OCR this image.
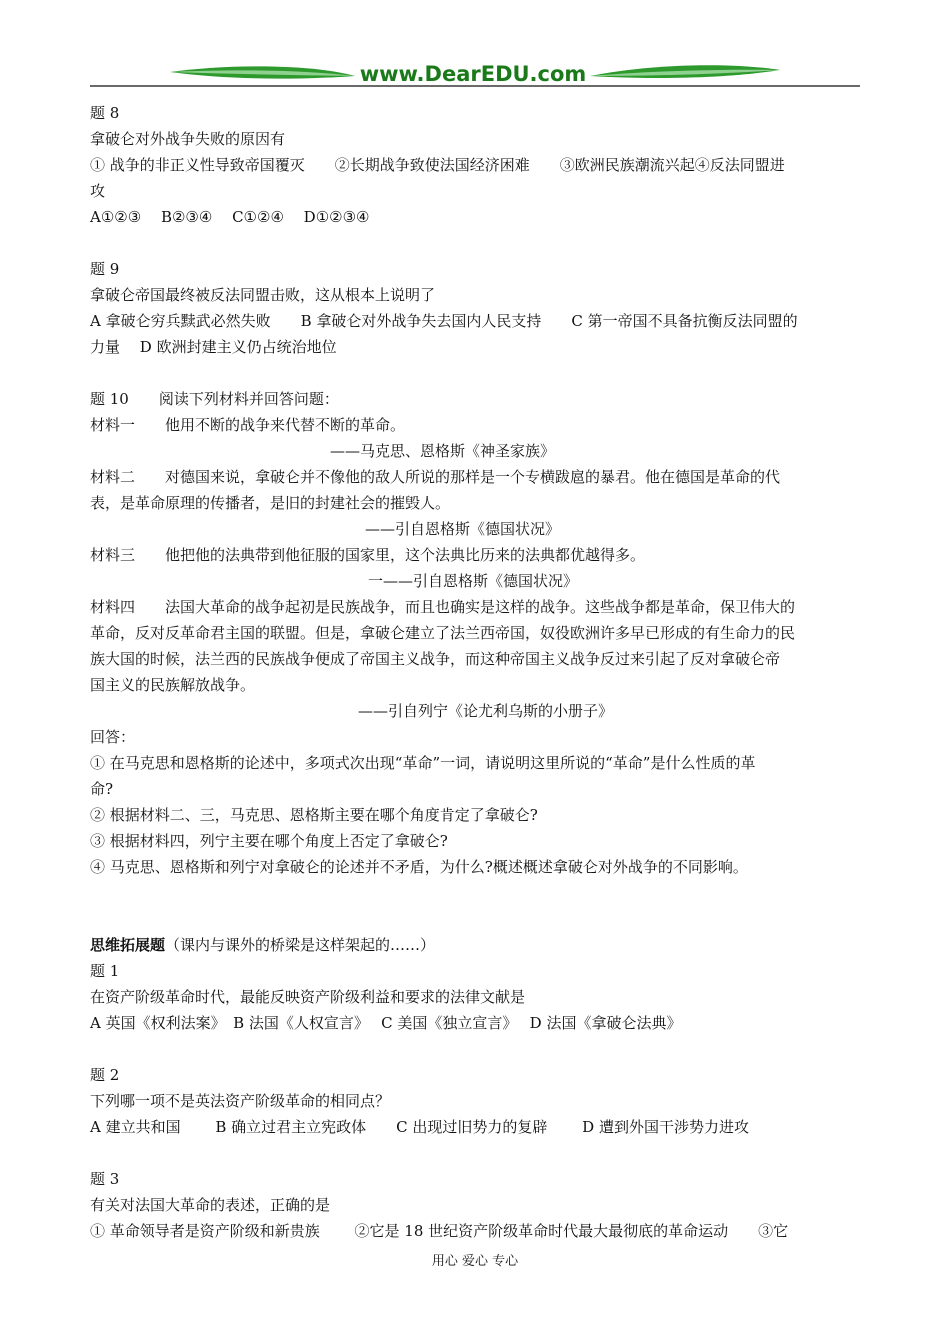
www.DearEDU.com
题 8
拿破仑对外战争失败的原因有
① 战争的非正义性导致帝国覆灭　　②长期战争致使法国经济困难　　③欧洲民族潮流兴起④反法同盟进
攻
A①②③　 B②③④　 C①②④　 D①②③④
题 9
拿破仑帝国最终被反法同盟击败，这从根本上说明了
A 拿破仑穷兵黩武必然失败　　B 拿破仑对外战争失去国内人民支持　　C 第一帝国不具备抗衡反法同盟的
力量　 D 欧洲封建主义仍占统治地位
题 10　　阅读下列材料并回答问题：
材料一　　他用不断的战争来代替不断的革命。
——马克思、恩格斯《神圣家族》
材料二　　对德国来说，拿破仑并不像他的敌人所说的那样是一个专横跋扈的暴君。他在德国是革命的代
表，是革命原理的传播者，是旧的封建社会的摧毁人。
——引自恩格斯《德国状况》
材料三　　他把他的法典带到他征服的国家里，这个法典比历来的法典都优越得多。
一——引自恩格斯《德国状况》
材料四　　法国大革命的战争起初是民族战争，而且也确实是这样的战争。这些战争都是革命，保卫伟大的
革命，反对反革命君主国的联盟。但是，拿破仑建立了法兰西帝国，奴役欧洲许多早已形成的有生命力的民
族大国的时候，法兰西的民族战争便成了帝国主义战争，而这种帝国主义战争反过来引起了反对拿破仑帝
国主义的民族解放战争。
——引自列宁《论尤利乌斯的小册子》
回答：
① 在马克思和恩格斯的论述中，多项式次出现“革命”一词，请说明这里所说的“革命”是什么性质的革
命?
② 根据材料二、三，马克思、恩格斯主要在哪个角度肯定了拿破仑?
③ 根据材料四，列宁主要在哪个角度上否定了拿破仑?
④ 马克思、恩格斯和列宁对拿破仑的论述并不矛盾，为什么?概述概述拿破仑对外战争的不同影响。
思维拓展题（课内与课外的桥梁是这样架起的……）
题 1
在资产阶级革命时代，最能反映资产阶级利益和要求的法律文献是
A 英国《权利法案》　B 法国《人权宣言》　 C 美国《独立宣言》　 D 法国《拿破仑法典》
题 2
下列哪一项不是英法资产阶级革命的相同点？
A 建立共和国　　 B 确立过君主立宪政体　　C 出现过旧势力的复辟　　 D 遭到外国干涉势力进攻
题 3
有关对法国大革命的表述，正确的是
① 革命领导者是资产阶级和新贵族　　 ②它是 18 世纪资产阶级革命时代最大最彻底的革命运动　　③它
用心 爱心 专心
